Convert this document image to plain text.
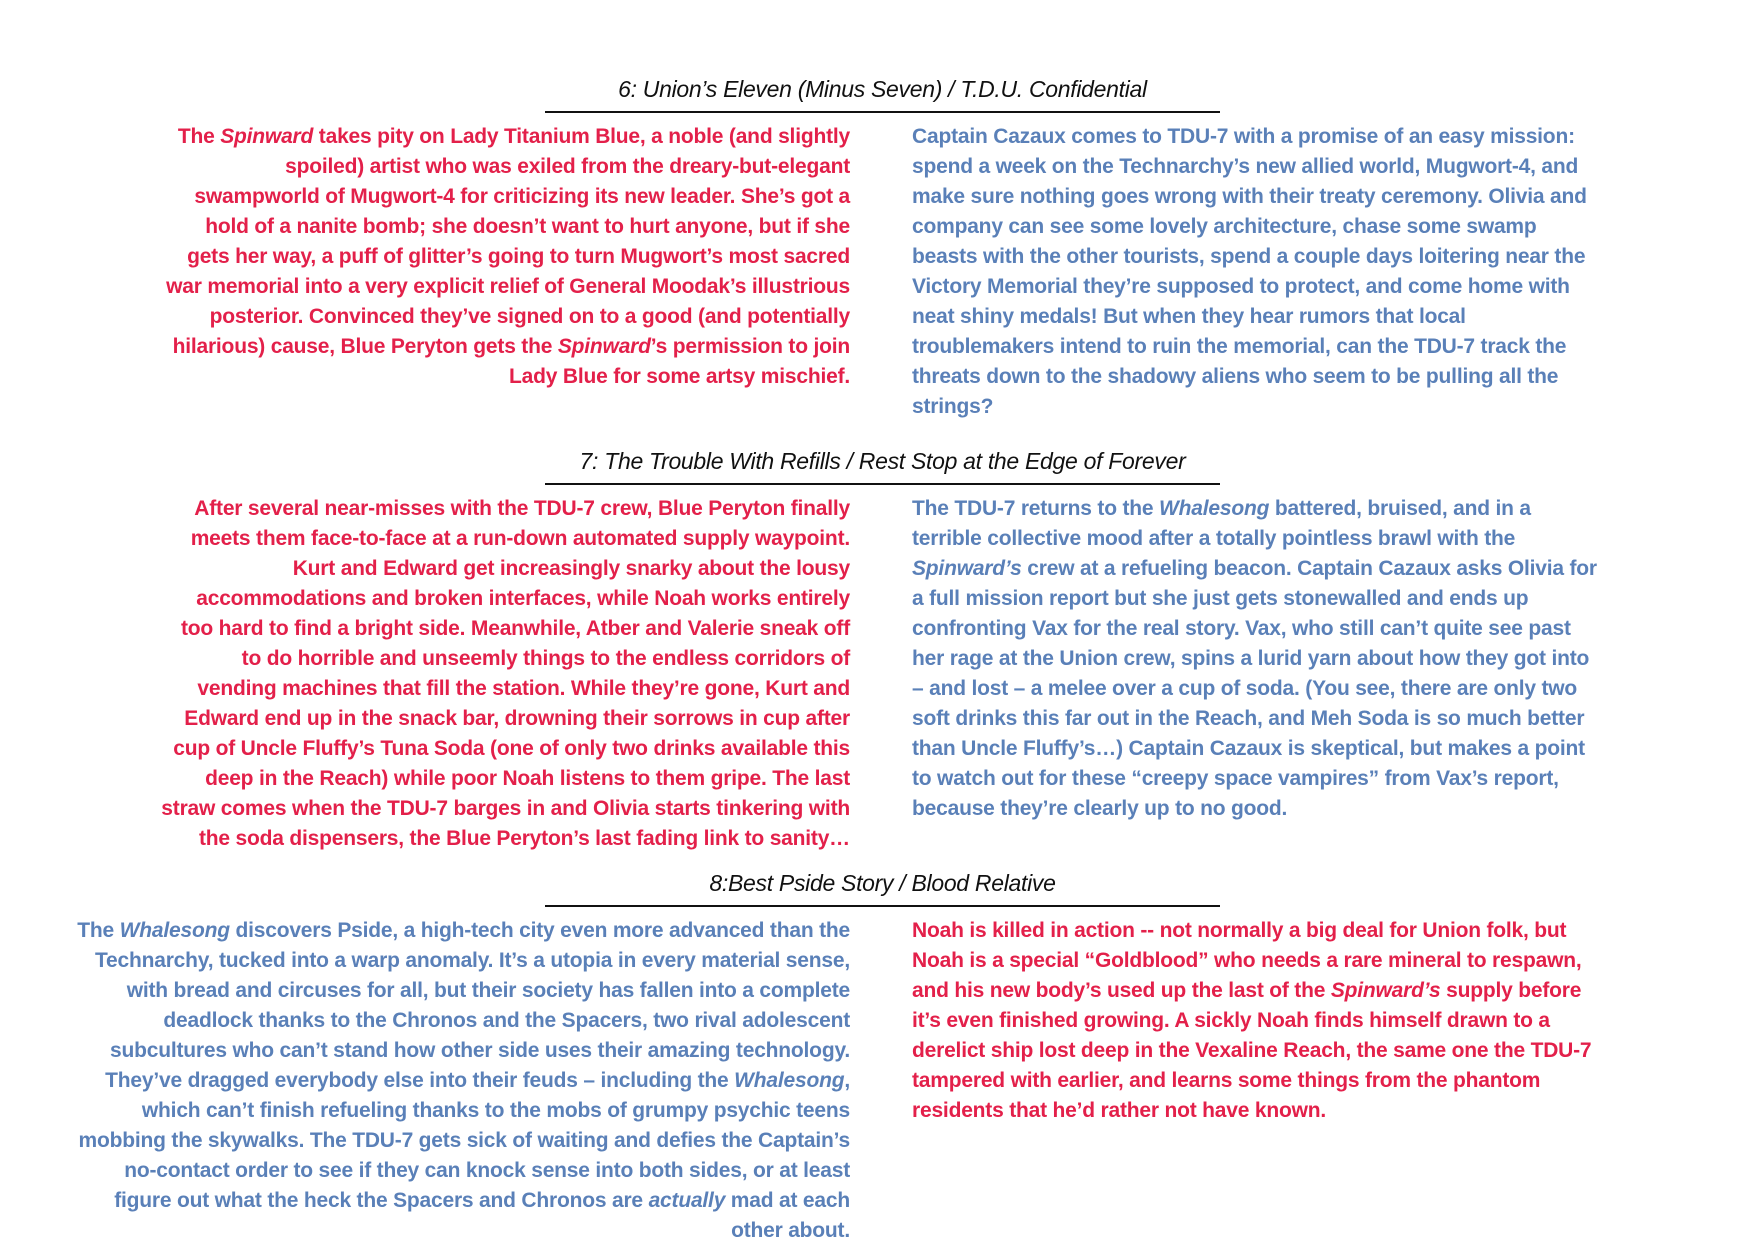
6: Union’s Eleven (Minus Seven) / T.D.U. Confidential
The Spinward takes pity on Lady Titanium Blue, a noble (and slightly spoiled) artist who was exiled from the dreary-but-elegant swampworld of Mugwort-4 for criticizing its new leader. She’s got a hold of a nanite bomb; she doesn’t want to hurt anyone, but if she gets her way, a puff of glitter’s going to turn Mugwort’s most sacred war memorial into a very explicit relief of General Moodak’s illustrious posterior. Convinced they’ve signed on to a good (and potentially hilarious) cause, Blue Peryton gets the Spinward’s permission to join Lady Blue for some artsy mischief.
Captain Cazaux comes to TDU-7 with a promise of an easy mission: spend a week on the Technarchy’s new allied world, Mugwort-4, and make sure nothing goes wrong with their treaty ceremony. Olivia and company can see some lovely architecture, chase some swamp beasts with the other tourists, spend a couple days loitering near the Victory Memorial they’re supposed to protect, and come home with neat shiny medals! But when they hear rumors that local troublemakers intend to ruin the memorial, can the TDU-7 track the threats down to the shadowy aliens who seem to be pulling all the strings?
7: The Trouble With Refills / Rest Stop at the Edge of Forever
After several near-misses with the TDU-7 crew, Blue Peryton finally meets them face-to-face at a run-down automated supply waypoint. Kurt and Edward get increasingly snarky about the lousy accommodations and broken interfaces, while Noah works entirely too hard to find a bright side. Meanwhile, Atber and Valerie sneak off to do horrible and unseemly things to the endless corridors of vending machines that fill the station. While they’re gone, Kurt and Edward end up in the snack bar, drowning their sorrows in cup after cup of Uncle Fluffy’s Tuna Soda (one of only two drinks available this deep in the Reach) while poor Noah listens to them gripe. The last straw comes when the TDU-7 barges in and Olivia starts tinkering with the soda dispensers, the Blue Peryton’s last fading link to sanity…
The TDU-7 returns to the Whalesong battered, bruised, and in a terrible collective mood after a totally pointless brawl with the Spinward’s crew at a refueling beacon. Captain Cazaux asks Olivia for a full mission report but she just gets stonewalled and ends up confronting Vax for the real story. Vax, who still can’t quite see past her rage at the Union crew, spins a lurid yarn about how they got into – and lost – a melee over a cup of soda. (You see, there are only two soft drinks this far out in the Reach, and Meh Soda is so much better than Uncle Fluffy’s…) Captain Cazaux is skeptical, but makes a point to watch out for these “creepy space vampires” from Vax’s report, because they’re clearly up to no good.
8:Best Pside Story / Blood Relative
The Whalesong discovers Pside, a high-tech city even more advanced than the Technarchy, tucked into a warp anomaly. It’s a utopia in every material sense, with bread and circuses for all, but their society has fallen into a complete deadlock thanks to the Chronos and the Spacers, two rival adolescent subcultures who can’t stand how other side uses their amazing technology. They’ve dragged everybody else into their feuds – including the Whalesong, which can’t finish refueling thanks to the mobs of grumpy psychic teens mobbing the skywalks. The TDU-7 gets sick of waiting and defies the Captain’s no-contact order to see if they can knock sense into both sides, or at least figure out what the heck the Spacers and Chronos are actually mad at each other about.
Noah is killed in action -- not normally a big deal for Union folk, but Noah is a special “Goldblood” who needs a rare mineral to respawn, and his new body’s used up the last of the Spinward’s supply before it’s even finished growing. A sickly Noah finds himself drawn to a derelict ship lost deep in the Vexaline Reach, the same one the TDU-7 tampered with earlier, and learns some things from the phantom residents that he’d rather not have known.
